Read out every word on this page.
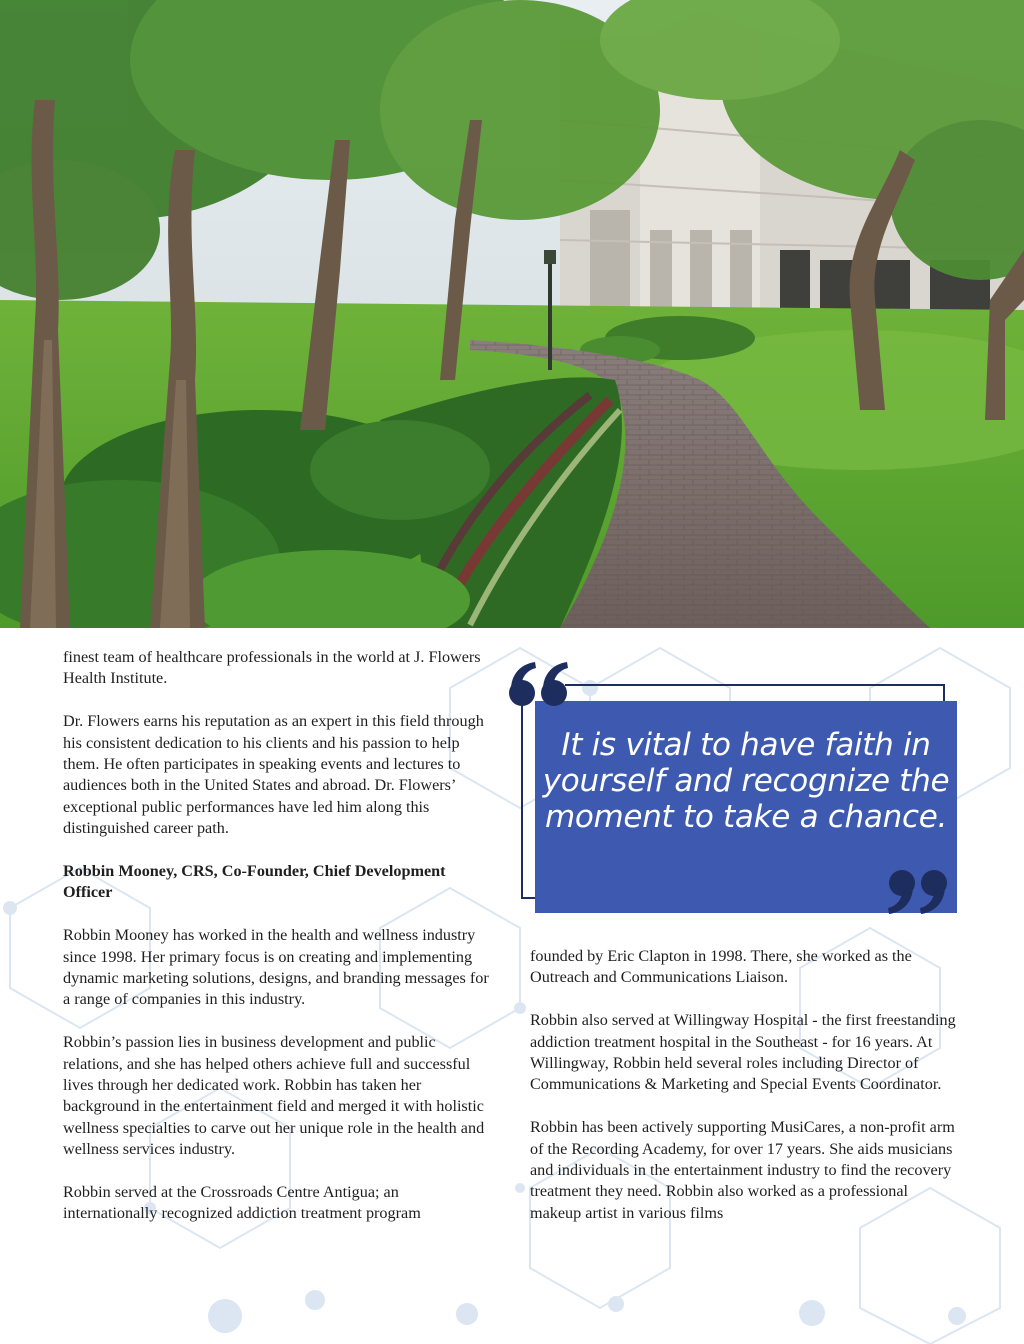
finest team of healthcare professionals in the world at J. Flowers Health Institute.

Dr. Flowers earns his reputation as an expert in this field through his consistent dedication to his clients and his passion to help them. He often participates in speaking events and lectures to audiences both in the United States and abroad. Dr. Flowers’ exceptional public performances have led him along this distinguished career path.

Robbin Mooney, CRS, Co-Founder, Chief Development Officer

Robbin Mooney has worked in the health and wellness industry since 1998. Her primary focus is on creating and implementing dynamic marketing solutions, designs, and branding messages for a range of companies in this industry.

Robbin’s passion lies in business development and public relations, and she has helped others achieve full and successful lives through her dedicated work. Robbin has taken her background in the entertainment field and merged it with holistic wellness specialties to carve out her unique role in the health and wellness services industry.

Robbin served at the Crossroads Centre Antigua; an internationally recognized addiction treatment program

It is vital to have faith in yourself and recognize the moment to take a chance.

founded by Eric Clapton in 1998. There, she worked as the Outreach and Communications Liaison.

Robbin also served at Willingway Hospital - the first freestanding addiction treatment hospital in the Southeast - for 16 years. At Willingway, Robbin held several roles including Director of Communications & Marketing and Special Events Coordinator.

Robbin has been actively supporting MusiCares, a non-profit arm of the Recording Academy, for over 17 years. She aids musicians and individuals in the entertainment industry to find the recovery treatment they need. Robbin also worked as a professional makeup artist in various films
